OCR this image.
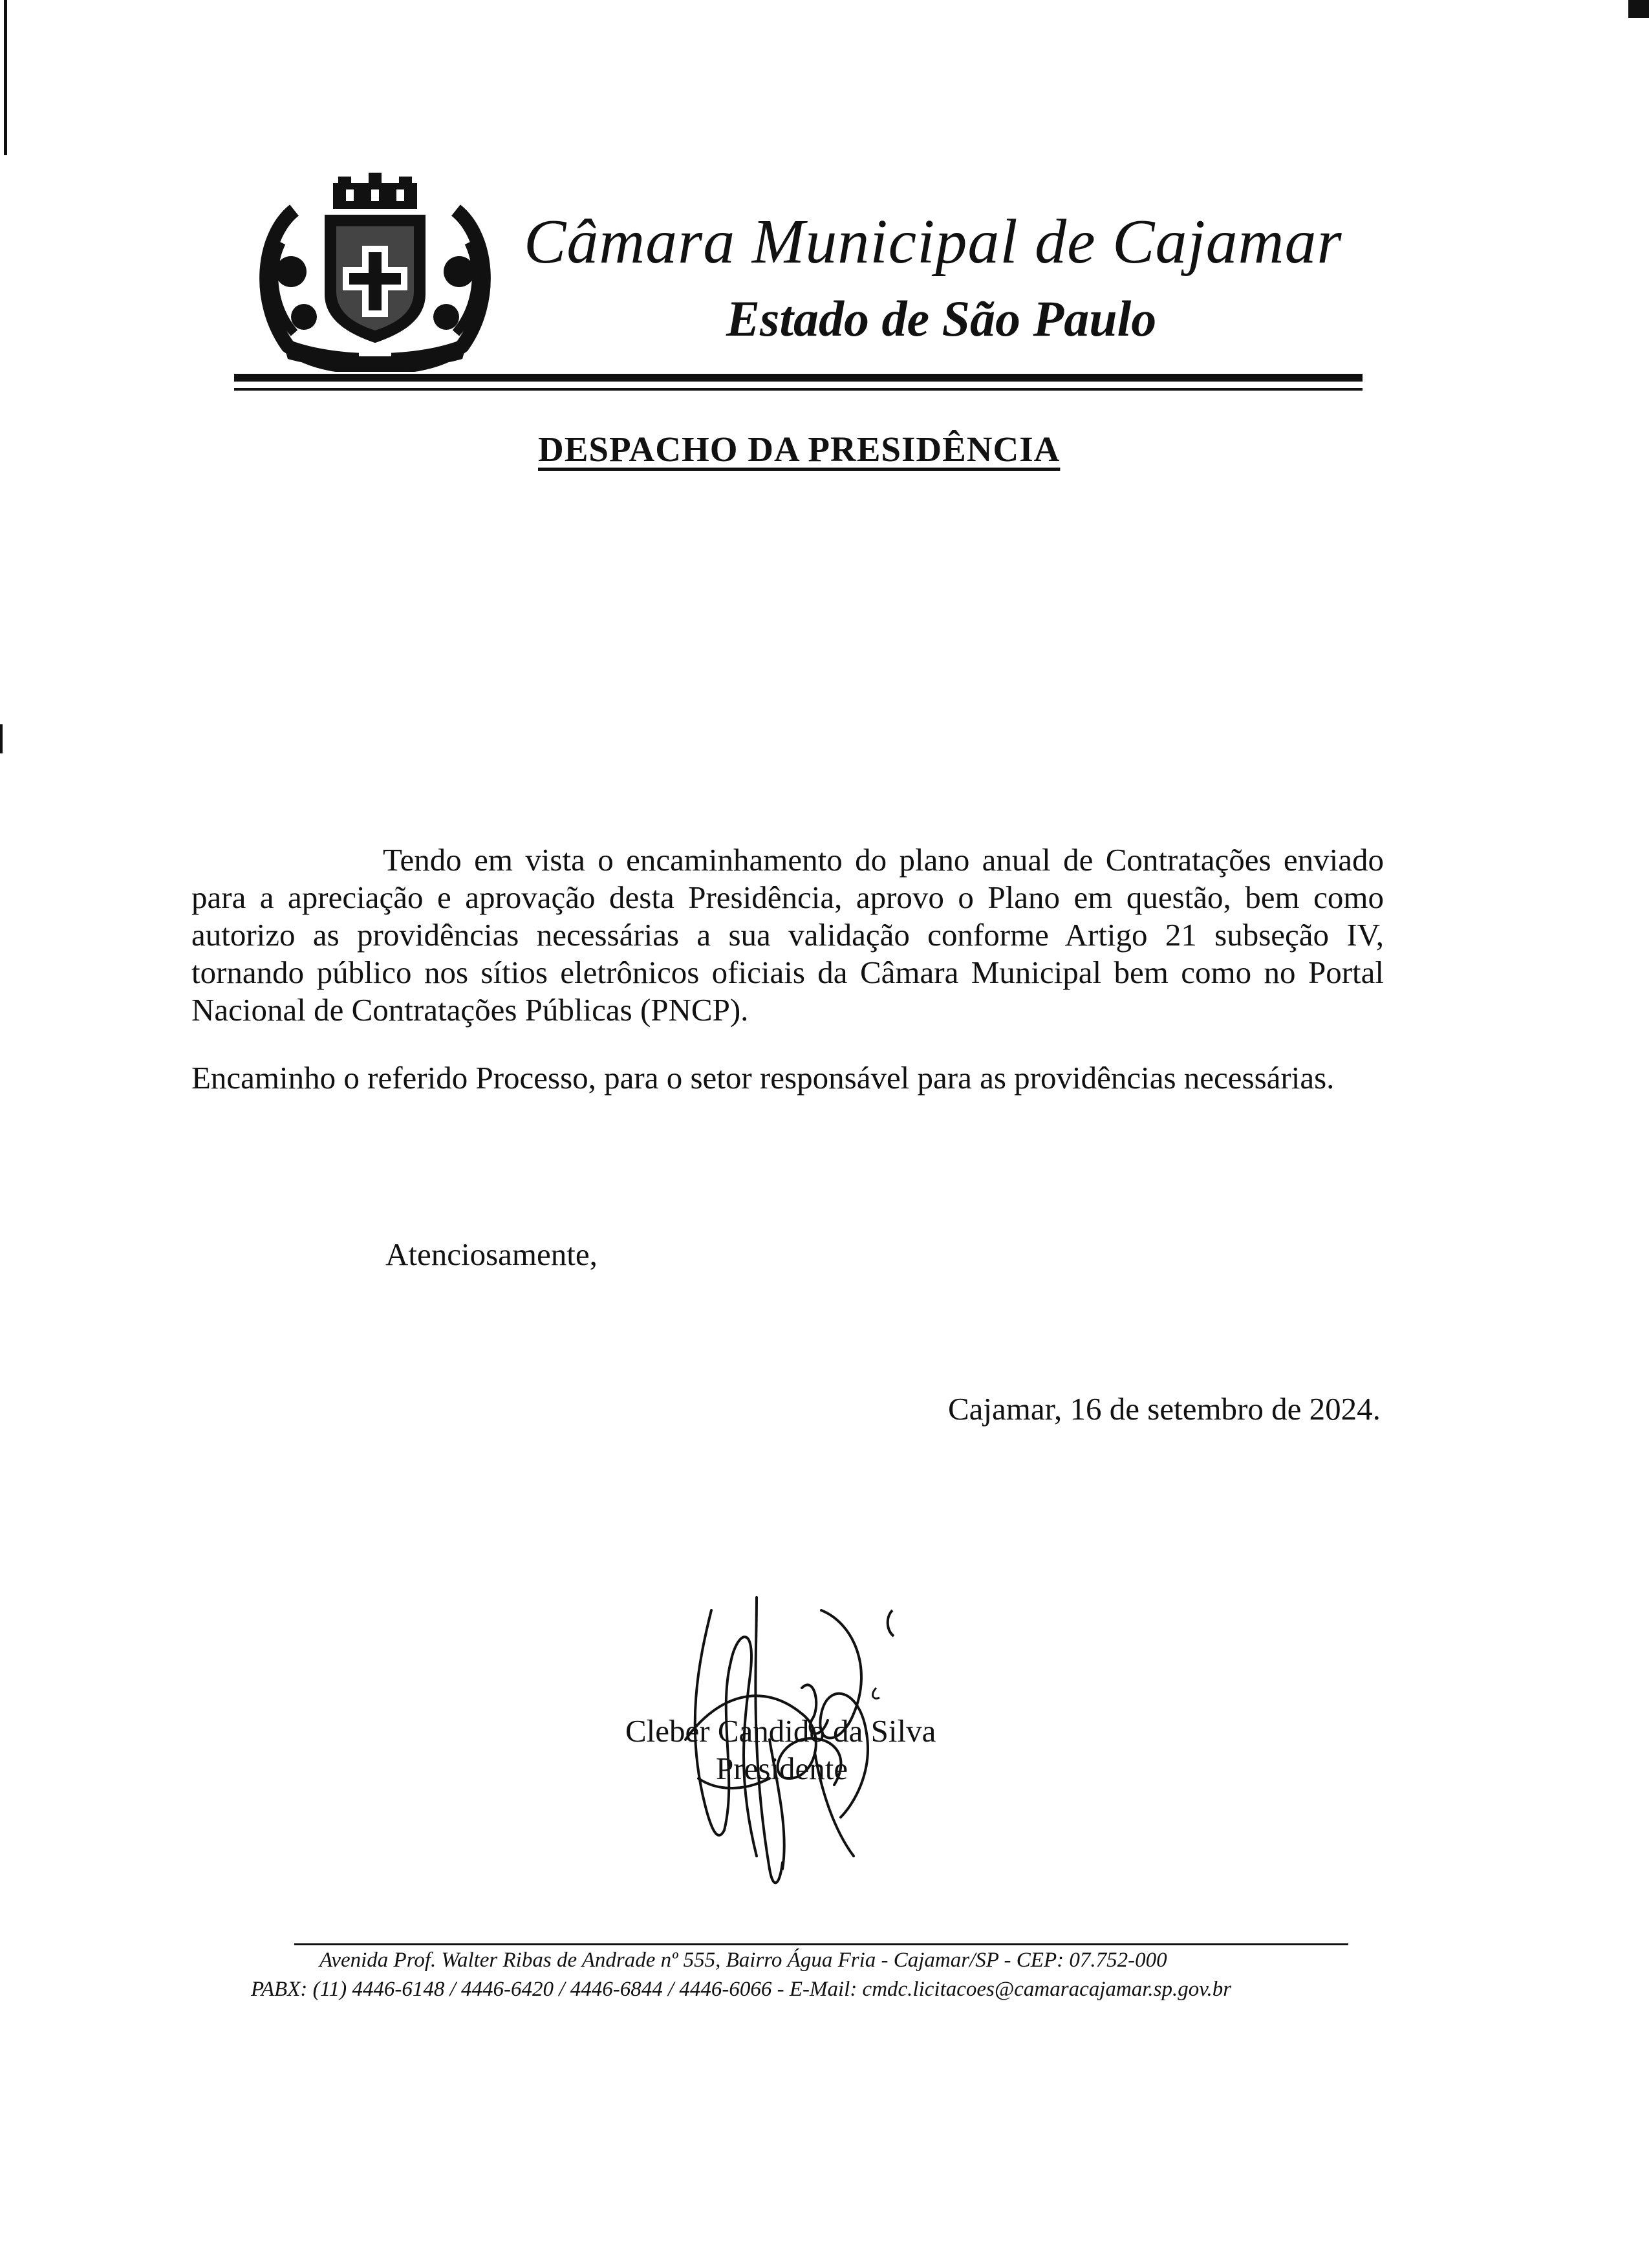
Câmara Municipal de Cajamar
Estado de São Paulo
DESPACHO DA PRESIDÊNCIA

Tendo em vista o encaminhamento do plano anual de Contratações enviado para a apreciação e aprovação desta Presidência, aprovo o Plano em questão, bem como autorizo as providências necessárias a sua validação conforme Artigo 21 subseção IV, tornando público nos sítios eletrônicos oficiais da Câmara Municipal bem como no Portal Nacional de Contratações Públicas (PNCP).

Encaminho o referido Processo, para o setor responsável para as providências necessárias.

Atenciosamente,

Cajamar, 16 de setembro de 2024.

Cleber Candido da Silva

Presidente

Avenida Prof. Walter Ribas de Andrade nº 555, Bairro Água Fria - Cajamar/SP - CEP: 07.752-000

PABX: (11) 4446-6148 / 4446-6420 / 4446-6844 / 4446-6066 - E-Mail: cmdc.licitacoes@camaracajamar.sp.gov.br
